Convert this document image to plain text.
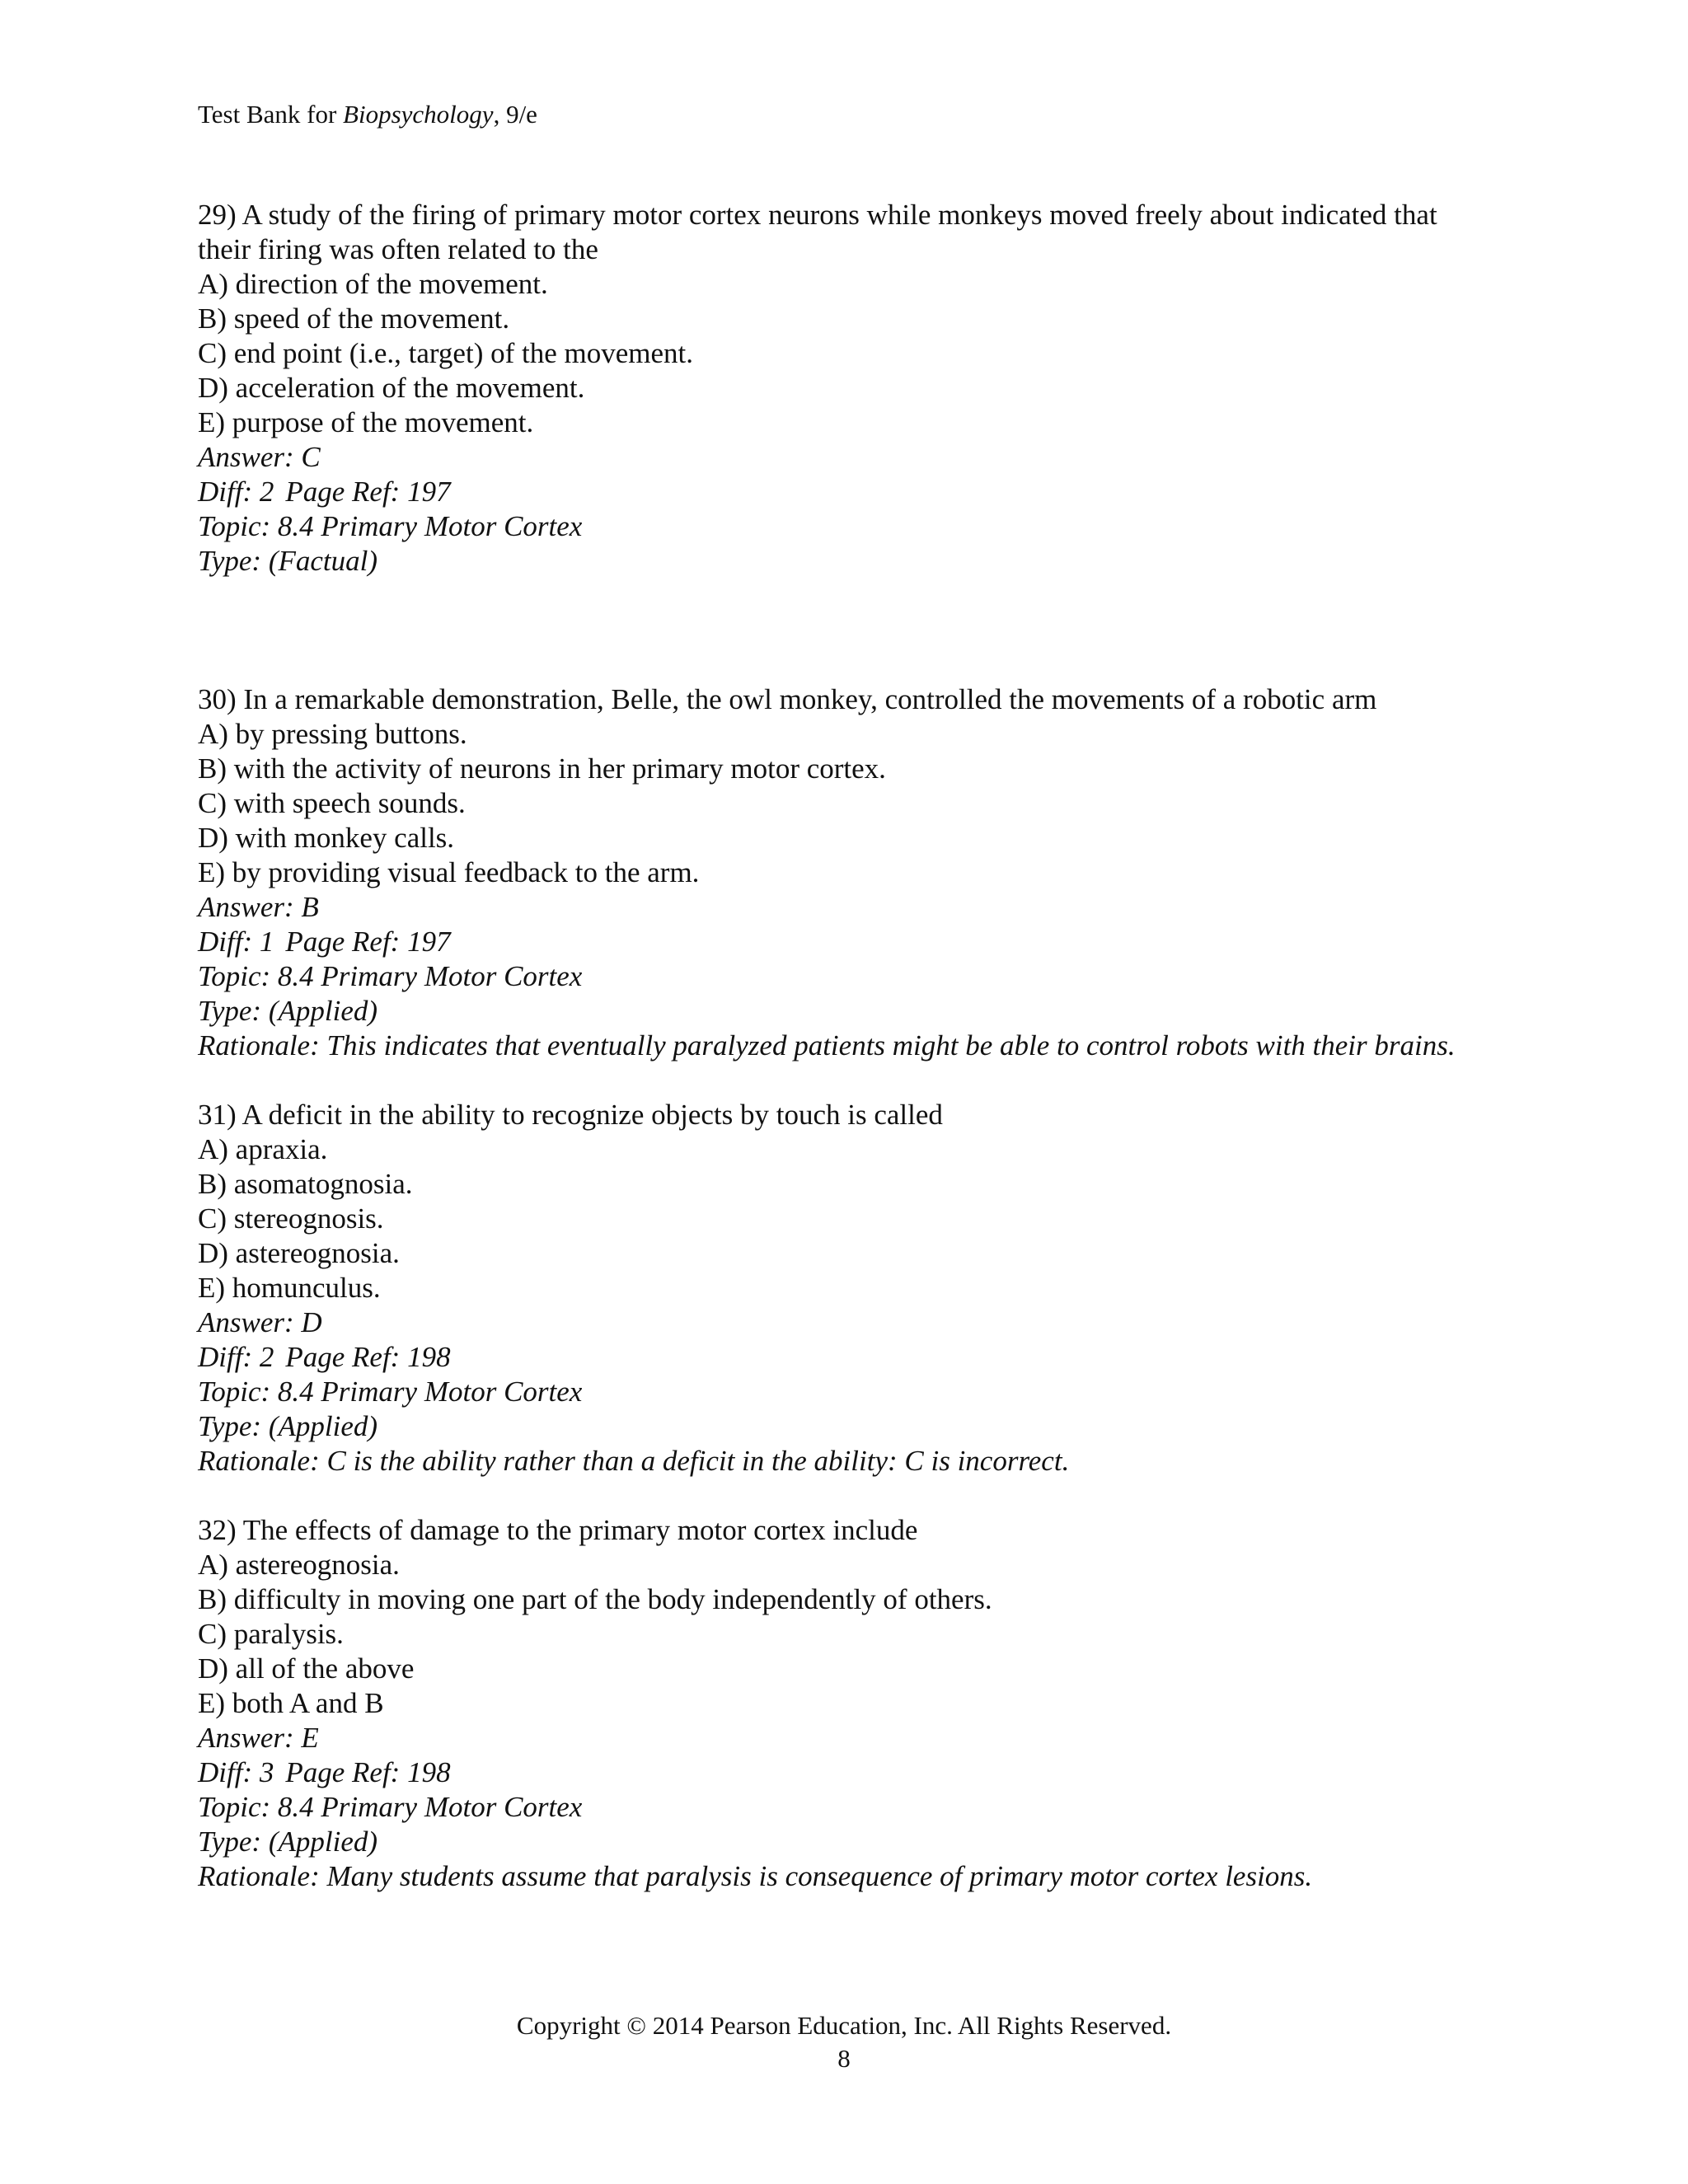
Test Bank for Biopsychology, 9/e

29) A study of the firing of primary motor cortex neurons while monkeys moved freely about indicated that their firing was often related to the

A) direction of the movement.

B) speed of the movement.

C) end point (i.e., target) of the movement.

D) acceleration of the movement.

E) purpose of the movement.

Answer: C

Diff: 2 Page Ref: 197

Topic: 8.4 Primary Motor Cortex

Type: (Factual)

30) In a remarkable demonstration, Belle, the owl monkey, controlled the movements of a robotic arm

A) by pressing buttons.

B) with the activity of neurons in her primary motor cortex.

C) with speech sounds.

D) with monkey calls.

E) by providing visual feedback to the arm.

Answer: B

Diff: 1 Page Ref: 197

Topic: 8.4 Primary Motor Cortex

Type: (Applied)

Rationale: This indicates that eventually paralyzed patients might be able to control robots with their brains.

31) A deficit in the ability to recognize objects by touch is called

A) apraxia.

B) asomatognosia.

C) stereognosis.

D) astereognosia.

E) homunculus.

Answer: D

Diff: 2 Page Ref: 198

Topic: 8.4 Primary Motor Cortex

Type: (Applied)

Rationale: C is the ability rather than a deficit in the ability: C is incorrect.

32) The effects of damage to the primary motor cortex include

A) astereognosia.

B) difficulty in moving one part of the body independently of others.

C) paralysis.

D) all of the above

E) both A and B

Answer: E

Diff: 3 Page Ref: 198

Topic: 8.4 Primary Motor Cortex

Type: (Applied)

Rationale: Many students assume that paralysis is consequence of primary motor cortex lesions.

Copyright © 2014 Pearson Education, Inc. All Rights Reserved.
8
